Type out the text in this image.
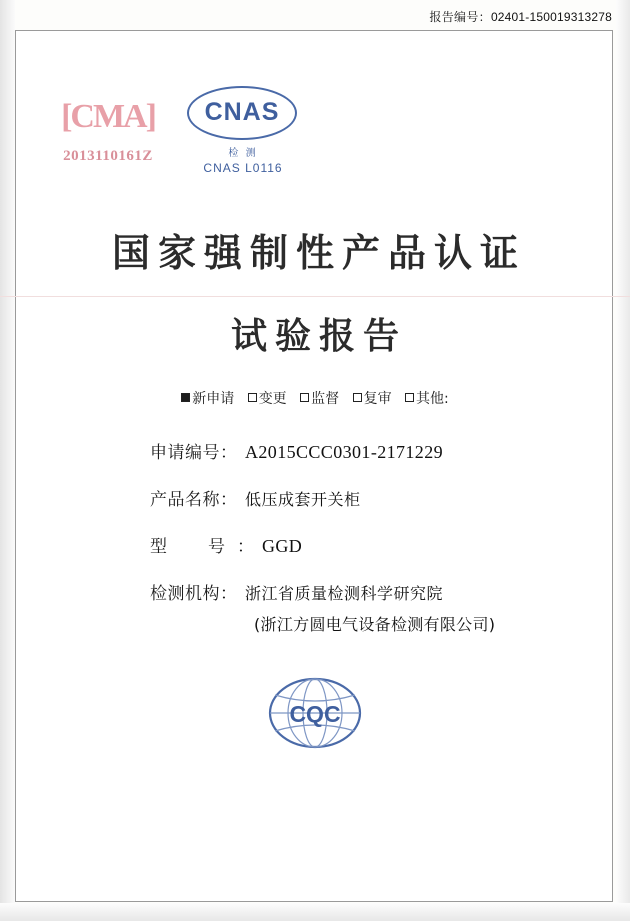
报告编号：02401-150019313278
[CMA]
2013110161Z
CNAS
检 测
CNAS L0116
国家强制性产品认证
试验报告
新申请 变更 监督 复审 其他:
申请编号 ： A2015CCC0301-2171229
产品名称 ： 低压成套开关柜
型　号 ： GGD
检测机构 ： 浙江省质量检测科学研究院
(浙江方圆电气设备检测有限公司)
CQC
